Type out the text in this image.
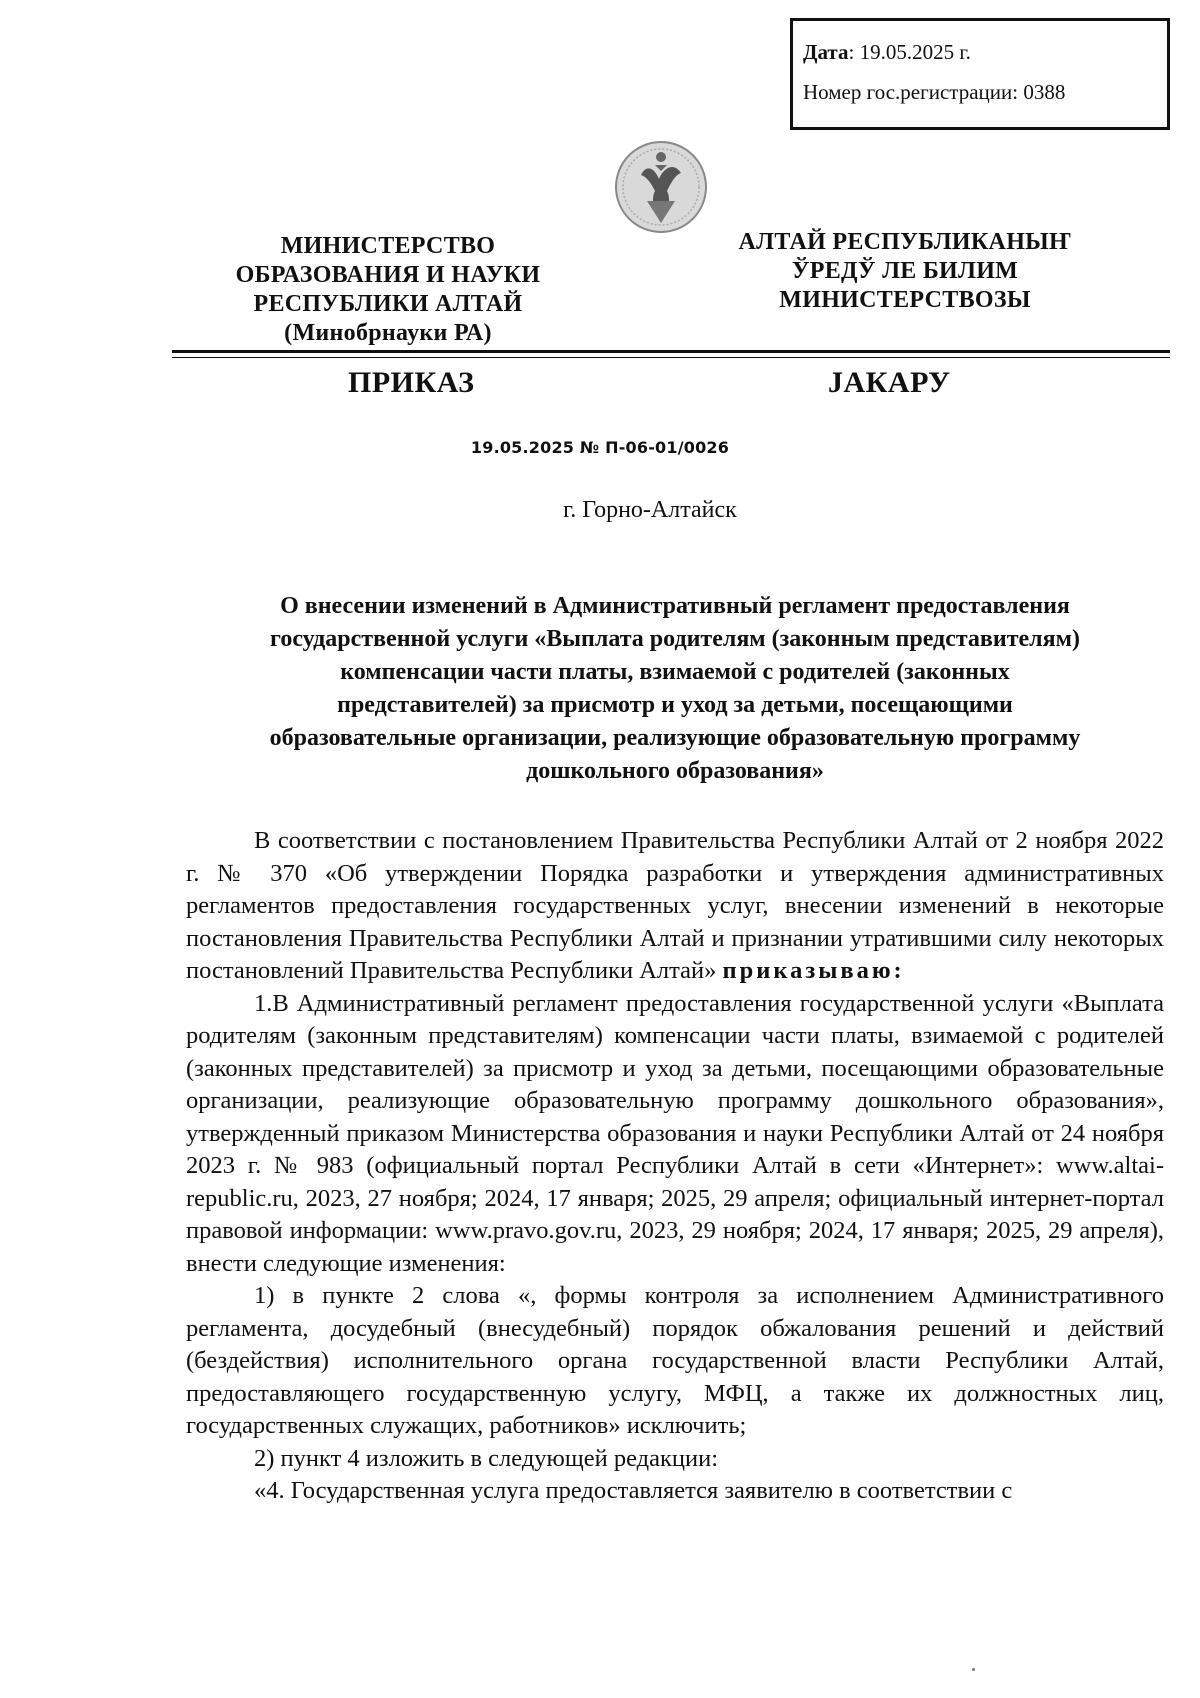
Дата: 19.05.2025 г.
Номер гос.регистрации: 0388
МИНИСТЕРСТВО
ОБРАЗОВАНИЯ И НАУКИ
РЕСПУБЛИКИ АЛТАЙ
(Минобрнауки РА)
АЛТАЙ РЕСПУБЛИКАНЫҤ
ЎРЕДЎ ЛЕ БИЛИМ
МИНИСТЕРСТВОЗЫ
ПРИКАЗ	JАКАРУ
19.05.2025 № П-06-01/0026
г. Горно-Алтайск
О внесении изменений в Административный регламент предоставления
государственной услуги «Выплата родителям (законным представителям)
компенсации части платы, взимаемой с родителей (законных
представителей) за присмотр и уход за детьми, посещающими
образовательные организации, реализующие образовательную программу
дошкольного образования»

В соответствии с постановлением Правительства Республики Алтай от 2 ноября 2022 г. № 370 «Об утверждении Порядка разработки и утверждения административных регламентов предоставления государственных услуг, внесении изменений в некоторые постановления Правительства Республики Алтай и признании утратившими силу некоторых постановлений Правительства Республики Алтай» приказываю:

1.В Административный регламент предоставления государственной услуги «Выплата родителям (законным представителям) компенсации части платы, взимаемой с родителей (законных представителей) за присмотр и уход за детьми, посещающими образовательные организации, реализующие образовательную программу дошкольного образования», утвержденный приказом Министерства образования и науки Республики Алтай от 24 ноября 2023 г. № 983 (официальный портал Республики Алтай в сети «Интернет»: www.altai-republic.ru, 2023, 27 ноября; 2024, 17 января; 2025, 29 апреля; официальный интернет-портал правовой информации: www.pravo.gov.ru, 2023, 29 ноября; 2024, 17 января; 2025, 29 апреля), внести следующие изменения:

1) в пункте 2 слова «, формы контроля за исполнением Административного регламента, досудебный (внесудебный) порядок обжалования решений и действий (бездействия) исполнительного органа государственной власти Республики Алтай, предоставляющего государственную услугу, МФЦ, а также их должностных лиц, государственных служащих, работников» исключить;

2) пункт 4 изложить в следующей редакции:

«4. Государственная услуга предоставляется заявителю в соответствии с
